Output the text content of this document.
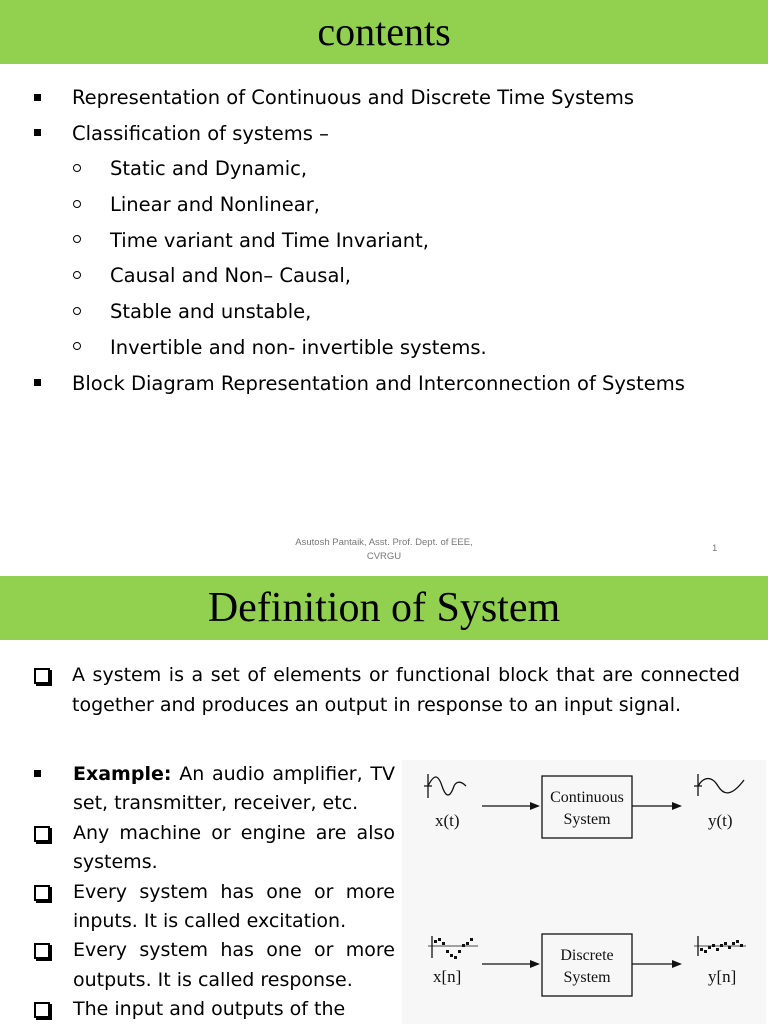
contents
Representation of Continuous and Discrete Time Systems
Classification of systems –
Static and Dynamic,
Linear and Nonlinear,
Time variant and Time Invariant,
Causal and Non– Causal,
Stable and unstable,
Invertible and non- invertible systems.
Block Diagram Representation and Interconnection of Systems
Asutosh Pantaik, Asst. Prof. Dept. of EEE,
CVRGU
1
Definition of System

A system is a set of elements or functional block that are connected together and produces an output in response to an input signal.

Example: An audio amplifier, TV set, transmitter, receiver, etc.
Any machine or engine are also systems.
Every system has one or more inputs. It is called excitation.
Every system has one or more outputs. It is called response.
The input and outputs of the
x(t)
Continuous
System	y(t)
x[n]
Discrete
System	y[n]
